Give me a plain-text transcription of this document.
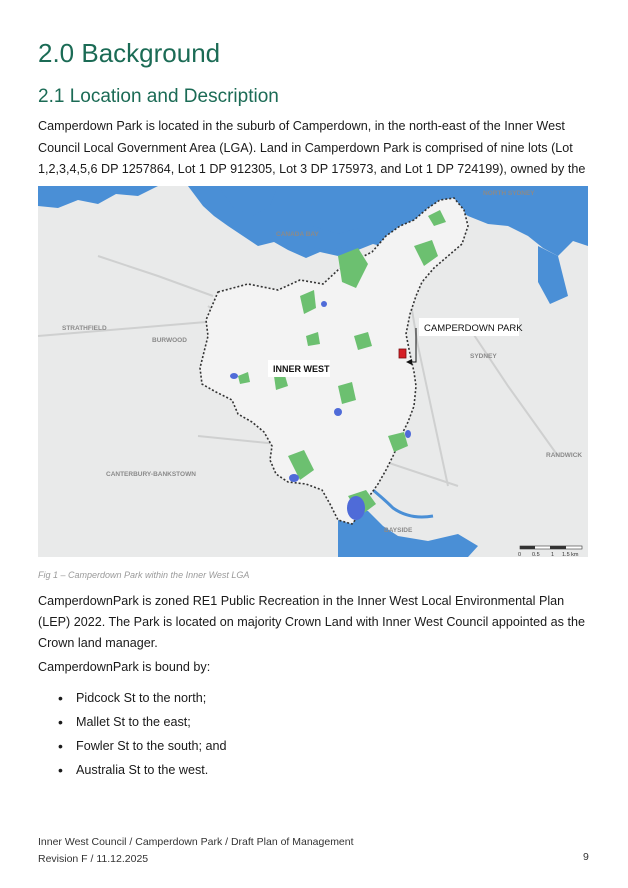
2.0 Background
2.1 Location and Description

Camperdown Park is located in the suburb of Camperdown, in the north-east of the Inner West Council Local Government Area (LGA). Land in Camperdown Park is comprised of nine lots (Lot 1,2,3,4,5,6 DP 1257864, Lot 1 DP 912305, Lot 3 DP 175973, and Lot 1 DP 724199), owned by the

CAMPERDOWN PARK
INNER WEST
NORTH SYDNEY
CANADA BAY
STRATHFIELD
BURWOOD
SYDNEY
RANDWICK
CANTERBURY-BANKSTOWN
BAYSIDE
0 0.5 1 1.5 km
Fig 1 – Camperdown Park within the Inner West LGA

CamperdownPark is zoned RE1 Public Recreation in the Inner West Local Environmental Plan (LEP) 2022. The Park is located on majority Crown Land with Inner West Council appointed as the Crown land manager.

CamperdownPark is bound by:

• Pidcock St to the north;
• Mallet St to the east;
• Fowler St to the south; and
• Australia St to the west.
Inner West Council / Camperdown Park / Draft Plan of Management
Revision F / 11.12.2025	9
